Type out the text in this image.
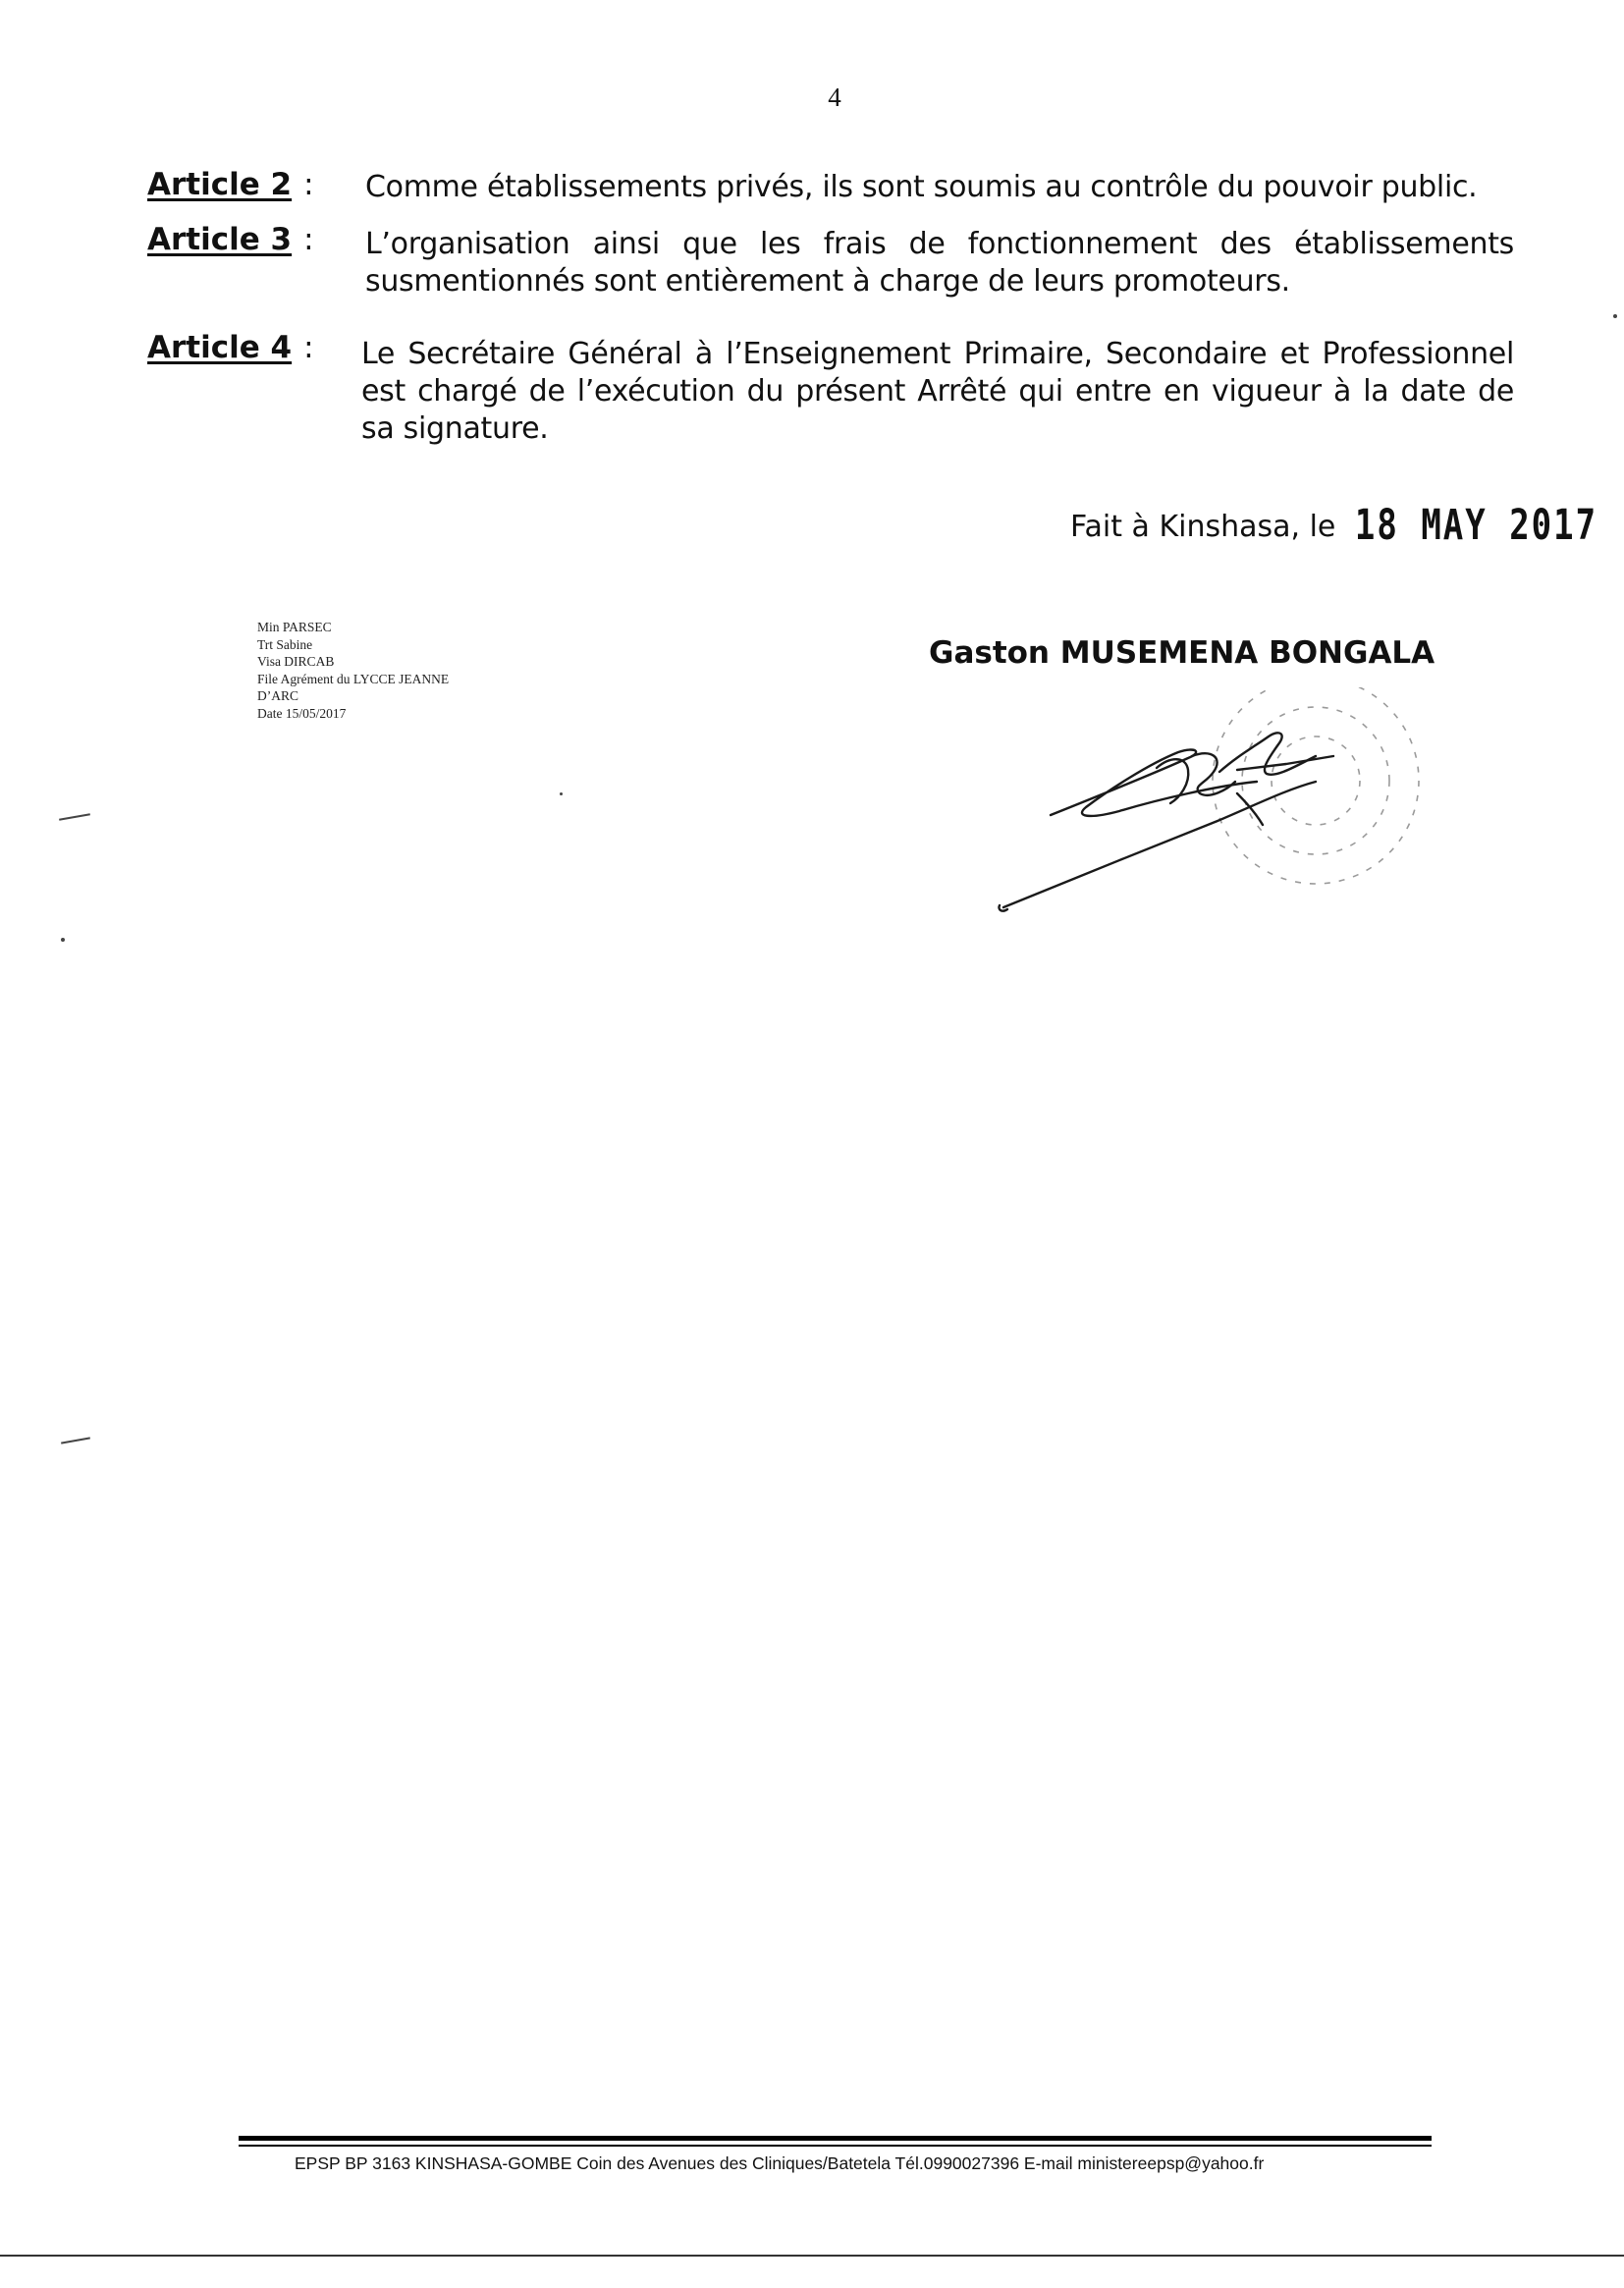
4
Article 2 :	Comme établissements privés, ils sont soumis au contrôle du pouvoir public.
Article 3 :	L’organisation ainsi que les frais de fonctionnement des établissements
susmentionnés sont entièrement à charge de leurs promoteurs.
Article 4 :	Le Secrétaire Général à l’Enseignement Primaire, Secondaire et Professionnel
est chargé de l’exécution du présent Arrêté qui entre en vigueur à la date de
sa signature.
Fait à Kinshasa, le 18 MAY 2017
Min PARSEC
Trt Sabine
Visa DIRCAB
File Agrément du LYCCE JEANNE
D’ARC
Date 15/05/2017
Gaston MUSEMENA BONGALA
EPSP BP 3163 KINSHASA-GOMBE Coin des Avenues des Cliniques/Batetela Tél.0990027396 E-mail ministereepsp@yahoo.fr
